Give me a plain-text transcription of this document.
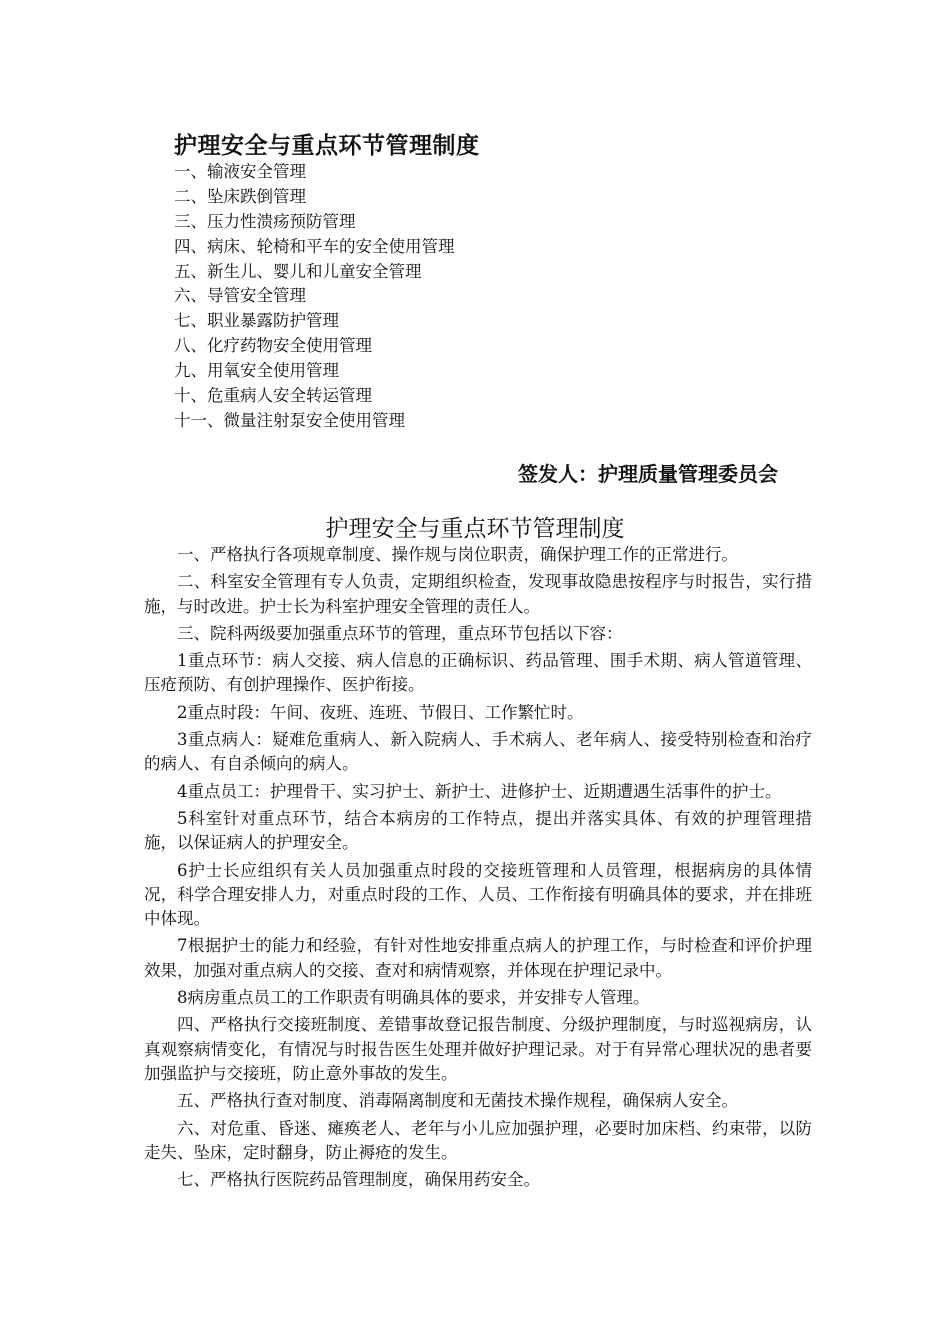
护理安全与重点环节管理制度
一、输液安全管理
二、坠床跌倒管理
三、压力性溃疡预防管理
四、病床、轮椅和平车的安全使用管理
五、新生儿、婴儿和儿童安全管理
六、导管安全管理
七、职业暴露防护管理
八、化疗药物安全使用管理
九、用氧安全使用管理
十、危重病人安全转运管理
十一、微量注射泵安全使用管理
签发人：护理质量管理委员会
护理安全与重点环节管理制度

一、严格执行各项规章制度、操作规与岗位职责，确保护理工作的正常进行。

二、科室安全管理有专人负责，定期组织检查，发现事故隐患按程序与时报告，实行措施，与时改进。护士长为科室护理安全管理的责任人。

三、院科两级要加强重点环节的管理，重点环节包括以下容：

1重点环节：病人交接、病人信息的正确标识、药品管理、围手术期、病人管道管理、压疮预防、有创护理操作、医护衔接。

2重点时段：午间、夜班、连班、节假日、工作繁忙时。

3重点病人：疑难危重病人、新入院病人、手术病人、老年病人、接受特别检查和治疗的病人、有自杀倾向的病人。

4重点员工：护理骨干、实习护士、新护士、进修护士、近期遭遇生活事件的护士。

5科室针对重点环节，结合本病房的工作特点，提出并落实具体、有效的护理管理措施，以保证病人的护理安全。

6护士长应组织有关人员加强重点时段的交接班管理和人员管理，根据病房的具体情况，科学合理安排人力，对重点时段的工作、人员、工作衔接有明确具体的要求，并在排班中体现。

7根据护士的能力和经验，有针对性地安排重点病人的护理工作，与时检查和评价护理效果，加强对重点病人的交接、查对和病情观察，并体现在护理记录中。

8病房重点员工的工作职责有明确具体的要求，并安排专人管理。

四、严格执行交接班制度、差错事故登记报告制度、分级护理制度，与时巡视病房，认真观察病情变化，有情况与时报告医生处理并做好护理记录。对于有异常心理状况的患者要加强监护与交接班，防止意外事故的发生。

五、严格执行查对制度、消毒隔离制度和无菌技术操作规程，确保病人安全。

六、对危重、昏迷、瘫痪老人、老年与小儿应加强护理，必要时加床档、约束带，以防走失、坠床，定时翻身，防止褥疮的发生。

七、严格执行医院药品管理制度，确保用药安全。
